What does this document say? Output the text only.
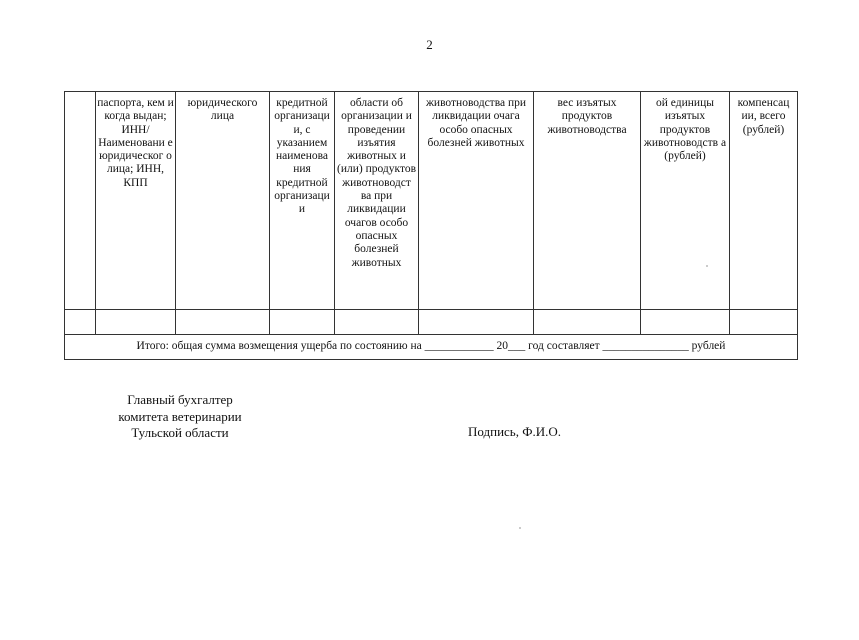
2
	паспорта, кем и когда выдан; ИНН/ Наименовани е юридическог о лица; ИНН, КПП	юридического лица	кредитной организаци и, с указанием наименова ния кредитной организаци и	области об организации и проведении изъятия животных и (или) продуктов животноводст ва при ликвидации очагов особо опасных болезней животных	животноводства при ликвидации очага особо опасных болезней животных	вес изъятых продуктов животноводства	ой единицы изъятых продуктов животноводств а (рублей)	компенсац ии, всего (рублей)

Итого: общая сумма возмещения ущерба по состоянию на ____________ 20___ год составляет _______________ рублей								
Главный бухгалтер
комитета ветеринарии
Тульской области	Подпись, Ф.И.О.
